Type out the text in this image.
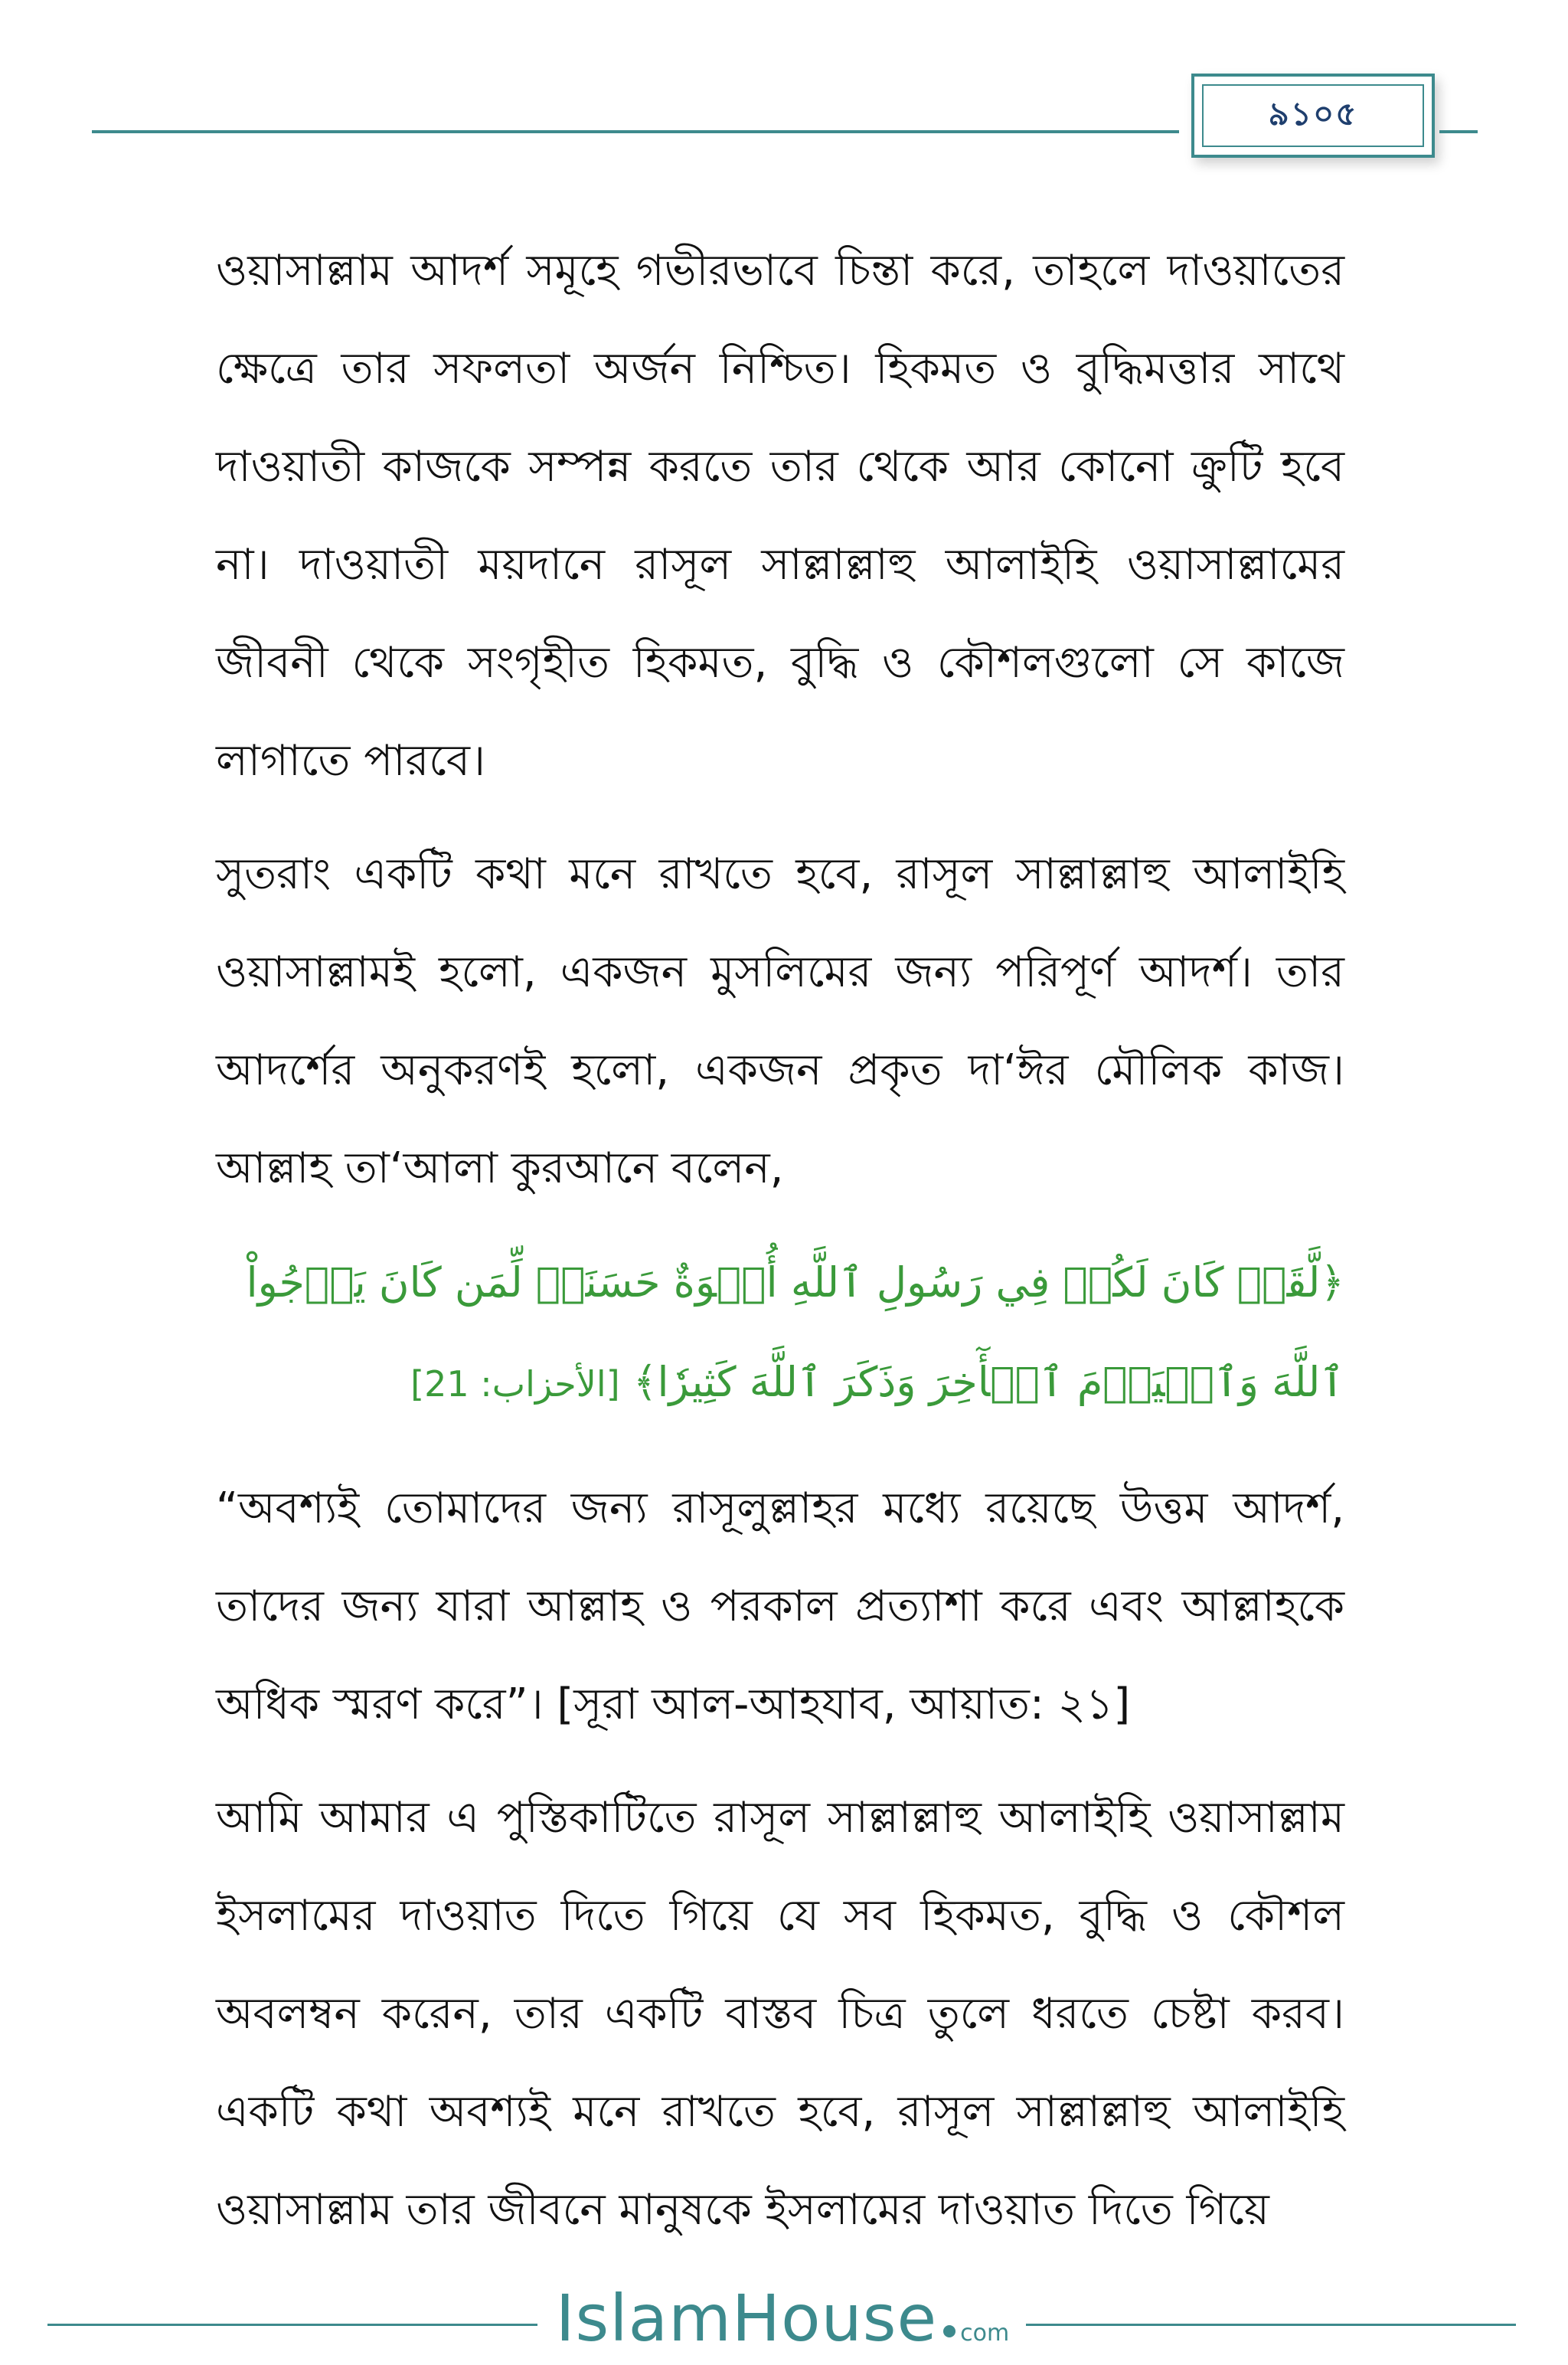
৯১০৫

ওয়াসাল্লাম আদর্শ সমূহে গভীরভাবে চিন্তা করে, তাহলে দাওয়াতের ক্ষেত্রে তার সফলতা অর্জন নিশ্চিত। হিকমত ও বুদ্ধিমত্তার সাথে দাওয়াতী কাজকে সম্পন্ন করতে তার থেকে আর কোনো ক্রুটি হবে না। দাওয়াতী ময়দানে রাসূল সাল্লাল্লাহু আলাইহি ওয়াসাল্লামের জীবনী থেকে সংগৃহীত হিকমত, বুদ্ধি ও কৌশলগুলো সে কাজে লাগাতে পারবে।

সুতরাং একটি কথা মনে রাখতে হবে, রাসূল সাল্লাল্লাহু আলাইহি ওয়াসাল্লামই হলো, একজন মুসলিমের জন্য পরিপূর্ণ আদর্শ। তার আদর্শের অনুকরণই হলো, একজন প্রকৃত দা‘ঈর মৌলিক কাজ। আল্লাহ তা‘আলা কুরআনে বলেন,

﴿لَّقَدۡ كَانَ لَكُمۡ فِي رَسُولِ ٱللَّهِ أُسۡوَةٌ حَسَنَةٞ لِّمَن كَانَ يَرۡجُواْ ٱللَّهَ وَٱلۡيَوۡمَ ٱلۡأٓخِرَ وَذَكَرَ ٱللَّهَ كَثِيرٗا﴾ [الأحزاب: 21]

“অবশ্যই তোমাদের জন্য রাসূলুল্লাহর মধ্যে রয়েছে উত্তম আদর্শ, তাদের জন্য যারা আল্লাহ ও পরকাল প্রত্যাশা করে এবং আল্লাহকে অধিক স্মরণ করে”। [সূরা আল-আহযাব, আয়াত: ২১]

আমি আমার এ পুস্তিকাটিতে রাসূল সাল্লাল্লাহু আলাইহি ওয়াসাল্লাম ইসলামের দাওয়াত দিতে গিয়ে যে সব হিকমত, বুদ্ধি ও কৌশল অবলম্বন করেন, তার একটি বাস্তব চিত্র তুলে ধরতে চেষ্টা করব। একটি কথা অবশ্যই মনে রাখতে হবে, রাসূল সাল্লাল্লাহু আলাইহি ওয়াসাল্লাম তার জীবনে মানুষকে ইসলামের দাওয়াত দিতে গিয়ে

IslamHouse com
